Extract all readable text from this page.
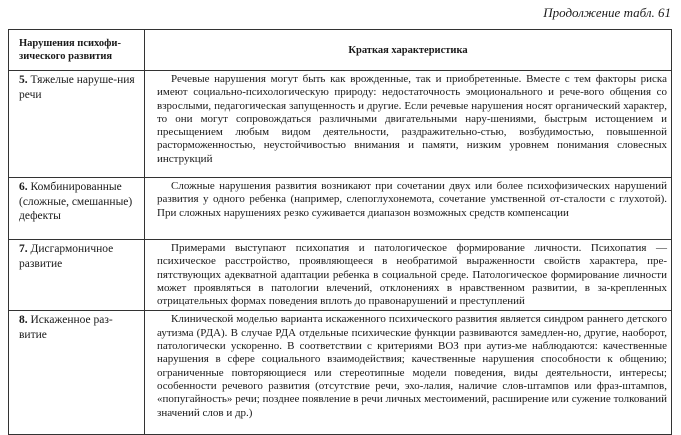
Продолжение табл. 61
Нарушения психофи-зического развития	Краткая характеристика
5. Тяжелые наруше-ния речи	Речевые нарушения могут быть как врожденные, так и приобретенные. Вместе с тем факторы риска имеют социально-психологическую природу: недостаточность эмоционального и рече-вого общения со взрослыми, педагогическая запущенность и другие. Если речевые нарушения носят органический характер, то они могут сопровождаться различными двигательными нару-шениями, быстрым истощением и пресыщением любым видом деятельности, раздражительно-стью, возбудимостью, повышенной расторможенностью, неустойчивостью внимания и памяти, низким уровнем понимания словесных инструкций

6. Комбинированные (сложные, смешанные) дефекты	Сложные нарушения развития возникают при сочетании двух или более психофизических нарушений развития у одного ребенка (например, слепоглухонемота, сочетание умственной от-сталости с глухотой). При сложных нарушениях резко суживается диапазон возможных средств компенсации

7. Дисгармоничное развитие	Примерами выступают психопатия и патологическое формирование личности. Психопатия — психическое расстройство, проявляющееся в необратимой выраженности свойств характера, пре-пятствующих адекватной адаптации ребенка в социальной среде. Патологическое формирование личности может проявляться в патологии влечений, отклонениях в нравственном развитии, в за-крепленных отрицательных формах поведения вплоть до правонарушений и преступлений

8. Искаженное раз-витие	Клинической моделью варианта искаженного психического развития является синдром раннего детского аутизма (РДА). В случае РДА отдельные психические функции развиваются замедлен-но, другие, наоборот, патологически ускоренно. В соответствии с критериями ВОЗ при аутиз-ме наблюдаются: качественные нарушения в сфере социального взаимодействия; качественные нарушения способности к общению; ограниченные повторяющиеся или стереотипные модели поведения, виды деятельности, интересы; особенности речевого развития (отсутствие речи, эхо-лалия, наличие слов-штампов или фраз-штампов, «попугайность» речи; позднее появление в речи личных местоимений, расширение или сужение толкований значений слов и др.)
